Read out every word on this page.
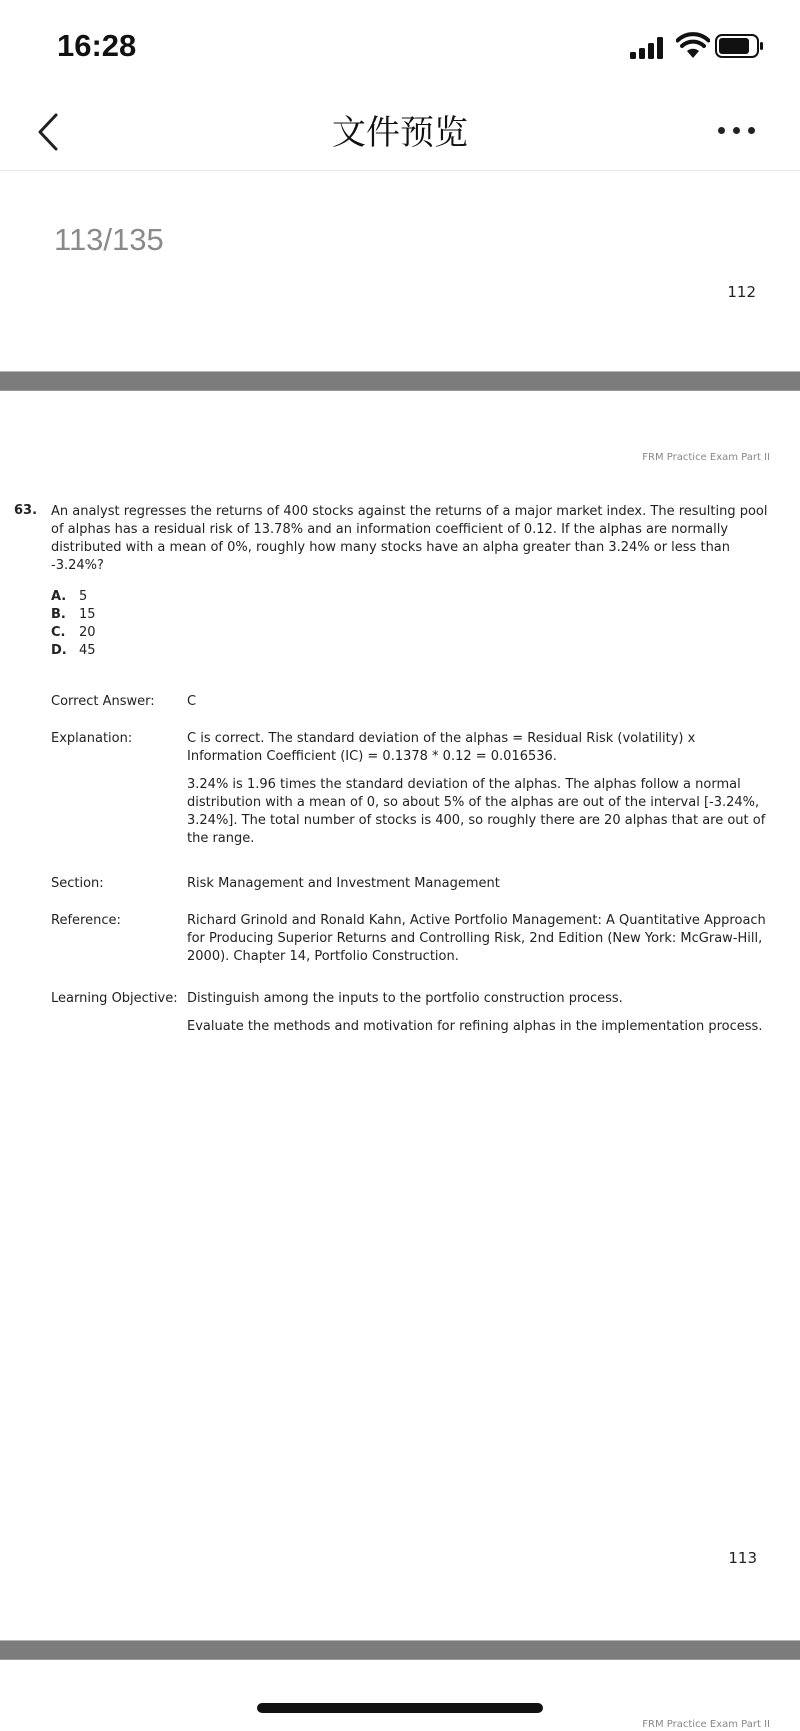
16:28
文件预览
113/135
112
FRM Practice Exam Part II
63. An analyst regresses the returns of 400 stocks against the returns of a major market index. The resulting pool of alphas has a residual risk of 13.78% and an information coefficient of 0.12. If the alphas are normally distributed with a mean of 0%, roughly how many stocks have an alpha greater than 3.24% or less than -3.24%?
A. 5
B.	15
C.	20
D. 45
Correct Answer: C
Explanation:	C is correct. The standard deviation of the alphas = Residual Risk (volatility) x Information Coefficient (IC) = 0.1378 * 0.12 = 0.016536.

3.24% is 1.96 times the standard deviation of the alphas. The alphas follow a normal distribution with a mean of 0, so about 5% of the alphas are out of the interval [-3.24%, 3.24%]. The total number of stocks is 400, so roughly there are 20 alphas that are out of the range.

Section:	Risk Management and Investment Management
Reference:	Richard Grinold and Ronald Kahn, Active Portfolio Management: A Quantitative Approach for Producing Superior Returns and Controlling Risk, 2nd Edition (New York: McGraw-Hill, 2000). Chapter 14, Portfolio Construction.
Learning Objective: Distinguish among the inputs to the portfolio construction process.

Evaluate the methods and motivation for refining alphas in the implementation process.

113
FRM Practice Exam Part II
